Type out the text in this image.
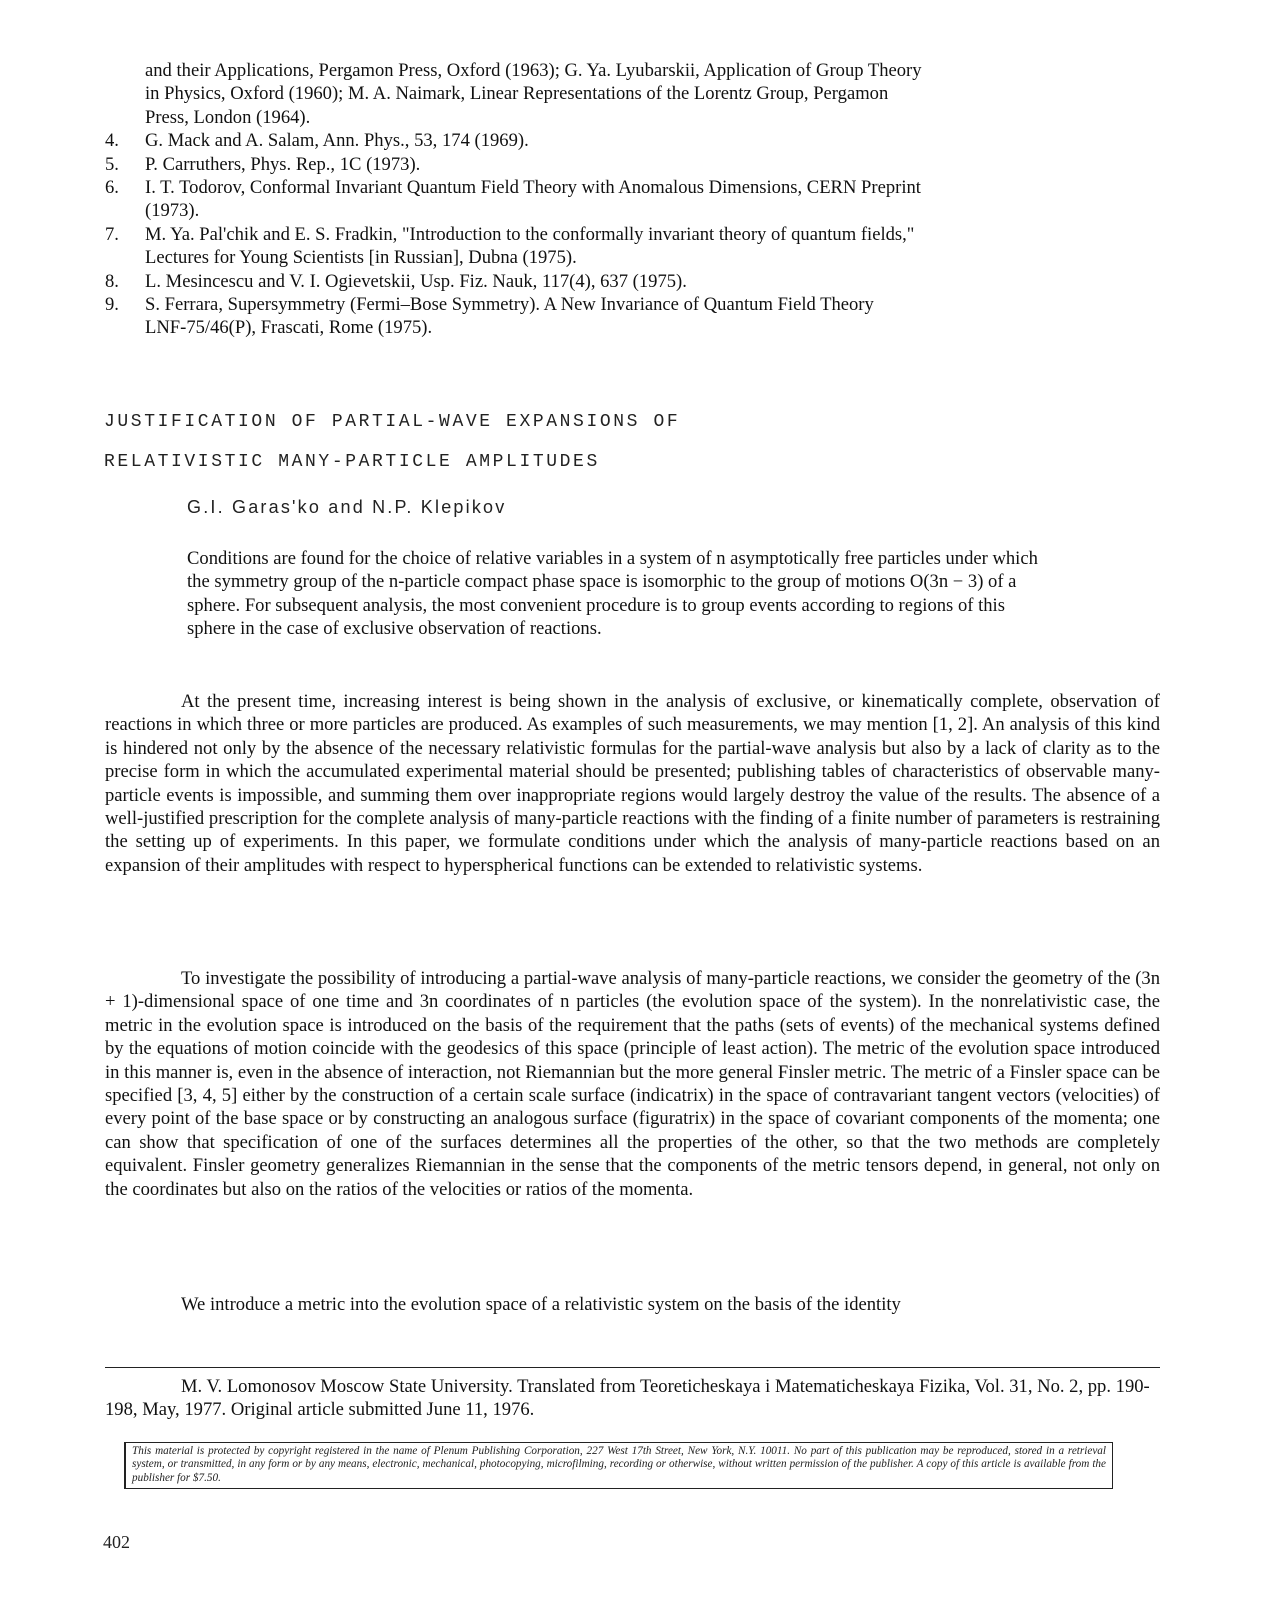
and their Applications, Pergamon Press, Oxford (1963); G. Ya. Lyubarskii, Application of Group Theory
in Physics, Oxford (1960); M. A. Naimark, Linear Representations of the Lorentz Group, Pergamon
Press, London (1964).
4.	G. Mack and A. Salam, Ann. Phys., 53, 174 (1969).
5.	P. Carruthers, Phys. Rep., 1C (1973).
6.	I. T. Todorov, Conformal Invariant Quantum Field Theory with Anomalous Dimensions, CERN Preprint
(1973).
7.	M. Ya. Pal'chik and E. S. Fradkin, "Introduction to the conformally invariant theory of quantum fields,"
Lectures for Young Scientists [in Russian], Dubna (1975).
8.	L. Mesincescu and V. I. Ogievetskii, Usp. Fiz. Nauk, 117(4), 637 (1975).
9.	S. Ferrara, Supersymmetry (Fermi–Bose Symmetry). A New Invariance of Quantum Field Theory
LNF-75/46(P), Frascati, Rome (1975).
JUSTIFICATION OF PARTIAL-WAVE EXPANSIONS OF
RELATIVISTIC MANY-PARTICLE AMPLITUDES
G.I. Garas'ko and N.P. Klepikov
Conditions are found for the choice of relative variables in a system of n asymptotically free particles under which the symmetry group of the n-particle compact phase space is isomorphic to the group of motions O(3n − 3) of a sphere. For subsequent analysis, the most convenient procedure is to group events according to regions of this sphere in the case of exclusive observation of reactions.
At the present time, increasing interest is being shown in the analysis of exclusive, or kinematically complete, observation of reactions in which three or more particles are produced. As examples of such measurements, we may mention [1, 2]. An analysis of this kind is hindered not only by the absence of the necessary relativistic formulas for the partial-wave analysis but also by a lack of clarity as to the precise form in which the accumulated experimental material should be presented; publishing tables of characteristics of observable many-particle events is impossible, and summing them over inappropriate regions would largely destroy the value of the results. The absence of a well-justified prescription for the complete analysis of many-particle reactions with the finding of a finite number of parameters is restraining the setting up of experiments. In this paper, we formulate conditions under which the analysis of many-particle reactions based on an expansion of their amplitudes with respect to hyperspherical functions can be extended to relativistic systems.
To investigate the possibility of introducing a partial-wave analysis of many-particle reactions, we consider the geometry of the (3n + 1)-dimensional space of one time and 3n coordinates of n particles (the evolution space of the system). In the nonrelativistic case, the metric in the evolution space is introduced on the basis of the requirement that the paths (sets of events) of the mechanical systems defined by the equations of motion coincide with the geodesics of this space (principle of least action). The metric of the evolution space introduced in this manner is, even in the absence of interaction, not Riemannian but the more general Finsler metric. The metric of a Finsler space can be specified [3, 4, 5] either by the construction of a certain scale surface (indicatrix) in the space of contravariant tangent vectors (velocities) of every point of the base space or by constructing an analogous surface (figuratrix) in the space of covariant components of the momenta; one can show that specification of one of the surfaces determines all the properties of the other, so that the two methods are completely equivalent. Finsler geometry generalizes Riemannian in the sense that the components of the metric tensors depend, in general, not only on the coordinates but also on the ratios of the velocities or ratios of the momenta.
We introduce a metric into the evolution space of a relativistic system on the basis of the identity
M. V. Lomonosov Moscow State University. Translated from Teoreticheskaya i Matematicheskaya Fizika, Vol. 31, No. 2, pp. 190-198, May, 1977. Original article submitted June 11, 1976.
This material is protected by copyright registered in the name of Plenum Publishing Corporation, 227 West 17th Street, New York, N.Y. 10011. No part of this publication may be reproduced, stored in a retrieval system, or transmitted, in any form or by any means, electronic, mechanical, photocopying, microfilming, recording or otherwise, without written permission of the publisher. A copy of this article is available from the publisher for $7.50.
402
